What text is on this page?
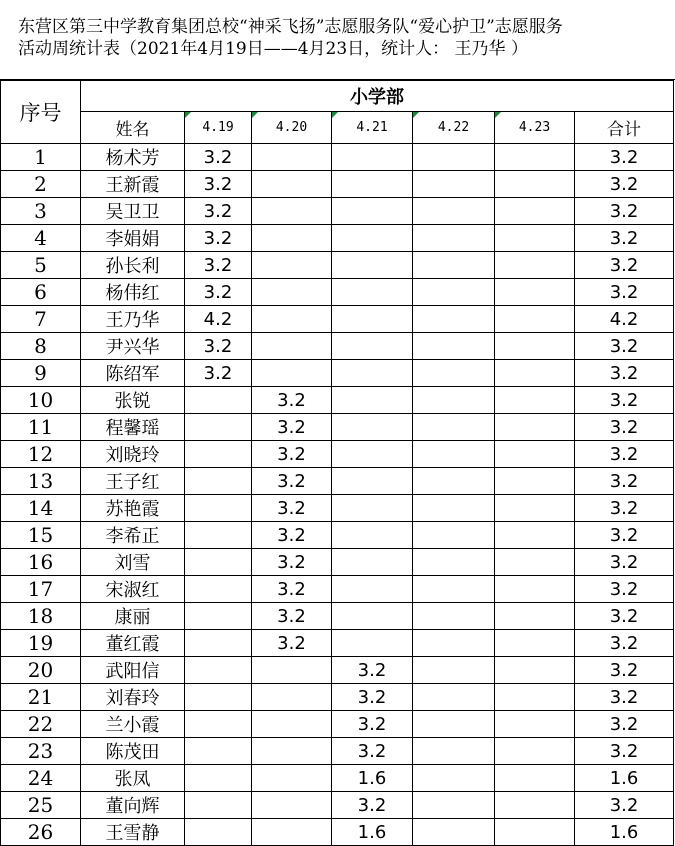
东营区第三中学教育集团总校“神采飞扬”志愿服务队“爱心护卫”志愿服务
活动周统计表（2021年4月19日——4月23日，统计人： 王乃华 ）
序号	小学部						
	姓名	4.19	4.20	4.21	4.22	4.23	合计
1	杨术芳	3.2					3.2
2	王新霞	3.2					3.2
3	吴卫卫	3.2					3.2
4	李娟娟	3.2					3.2
5	孙长利	3.2					3.2
6	杨伟红	3.2					3.2
7	王乃华	4.2					4.2
8	尹兴华	3.2					3.2
9	陈绍军	3.2					3.2
10	张锐		3.2				3.2
11	程馨瑶		3.2				3.2
12	刘晓玲		3.2				3.2
13	王子红		3.2				3.2
14	苏艳霞		3.2				3.2
15	李希正		3.2				3.2
16	刘雪		3.2				3.2
17	宋淑红		3.2				3.2
18	康丽		3.2				3.2
19	董红霞		3.2				3.2
20	武阳信			3.2			3.2
21	刘春玲			3.2			3.2
22	兰小霞			3.2			3.2
23	陈茂田			3.2			3.2
24	张凤			1.6			1.6
25	董向辉			3.2			3.2
26	王雪静			1.6			1.6
